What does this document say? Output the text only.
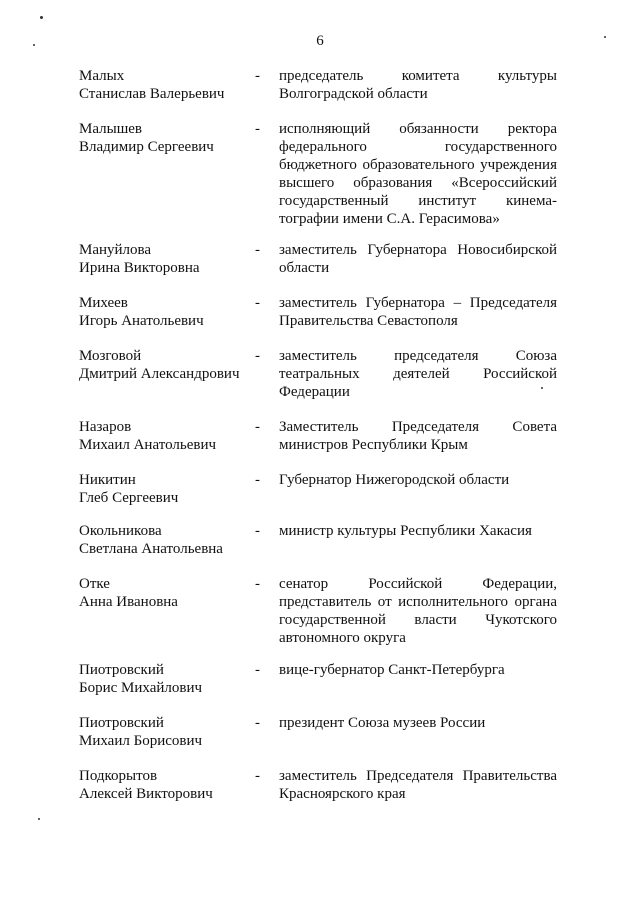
6
Малых
Станислав Валерьевич
- председатель комитета культуры
Волгоградской области
Малышев
Владимир Сергеевич
- исполняющий обязанности ректора
федерального государственного
бюджетного образовательного учреждения
высшего образования «Всероссийский
государственный институт кинема-
тографии имени С.А. Герасимова»
Мануйлова
Ирина Викторовна
- заместитель Губернатора Новосибирской
области
Михеев
Игорь Анатольевич
- заместитель Губернатора – Председателя
Правительства Севастополя
Мозговой
Дмитрий Александрович
- заместитель председателя Союза
театральных деятелей Российской
Федерации
Назаров
Михаил Анатольевич
- Заместитель Председателя Совета
министров Республики Крым
Никитин
Глеб Сергеевич
- Губернатор Нижегородской области
Окольникова
Светлана Анатольевна
- министр культуры Республики Хакасия
Отке
Анна Ивановна
- сенатор Российской Федерации,
представитель от исполнительного органа
государственной власти Чукотского
автономного округа
Пиотровский
Борис Михайлович
- вице-губернатор Санкт-Петербурга
Пиотровский
Михаил Борисович
- президент Союза музеев России
Подкорытов
Алексей Викторович
- заместитель Председателя Правительства
Красноярского края
